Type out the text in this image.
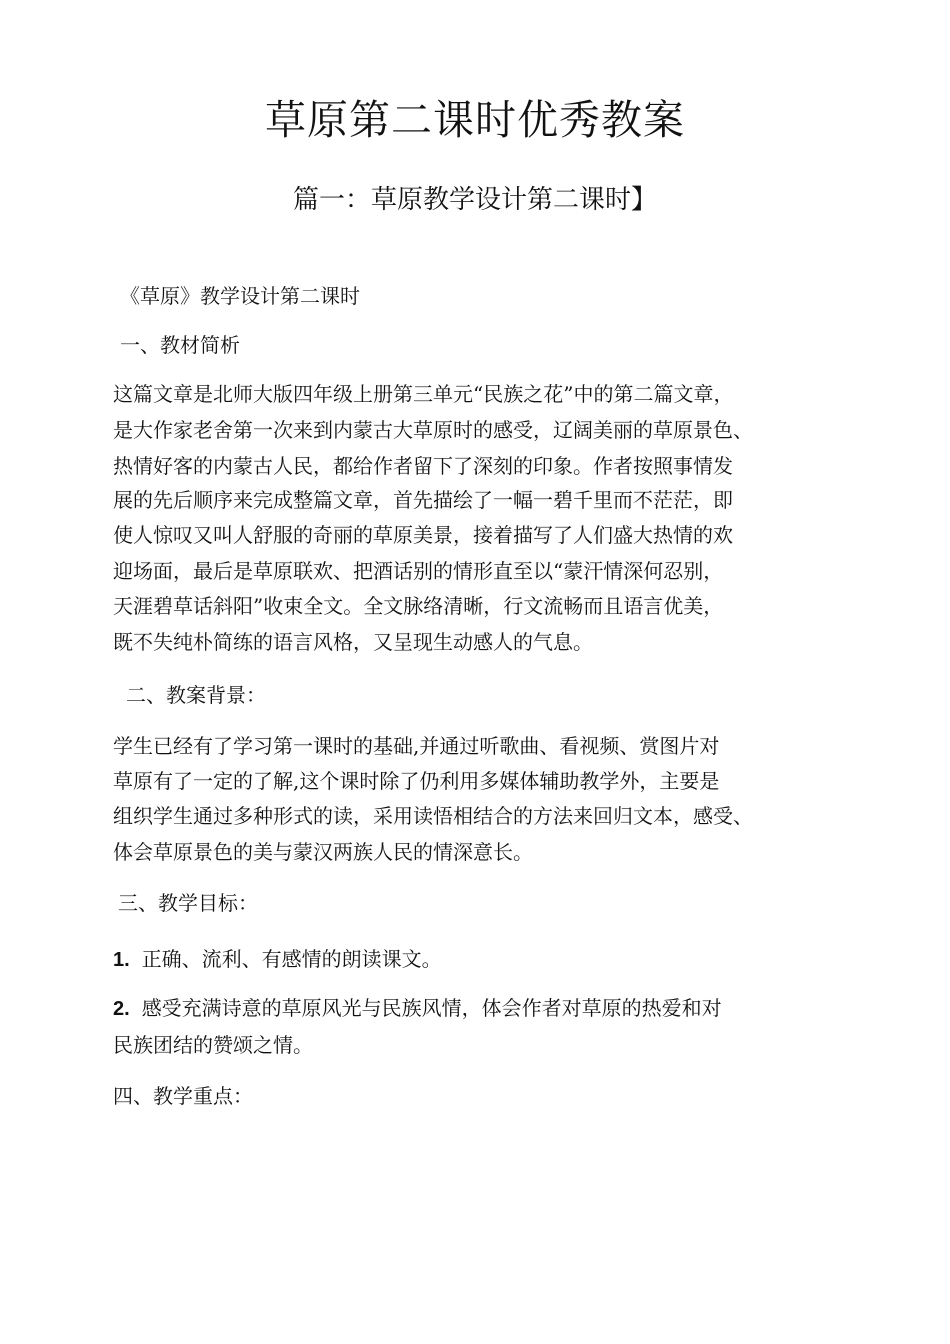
草原第二课时优秀教案
篇一：草原教学设计第二课时】
《草原》教学设计第二课时
一、教材简析
这篇文章是北师大版四年级上册第三单元“民族之花”中的第二篇文章，
是大作家老舍第一次来到内蒙古大草原时的感受，辽阔美丽的草原景色、
热情好客的内蒙古人民，都给作者留下了深刻的印象。作者按照事情发
展的先后顺序来完成整篇文章，首先描绘了一幅一碧千里而不茫茫，即
使人惊叹又叫人舒服的奇丽的草原美景，接着描写了人们盛大热情的欢
迎场面，最后是草原联欢、把酒话别的情形直至以“蒙汗情深何忍别，
天涯碧草话斜阳”收束全文。全文脉络清晰，行文流畅而且语言优美，
既不失纯朴简练的语言风格，又呈现生动感人的气息。
二、教案背景：
学生已经有了学习第一课时的基础,并通过听歌曲、看视频、赏图片对
草原有了一定的了解,这个课时除了仍利用多媒体辅助教学外，主要是
组织学生通过多种形式的读，采用读悟相结合的方法来回归文本，感受、
体会草原景色的美与蒙汉两族人民的情深意长。
三、教学目标：
1. 正确、流利、有感情的朗读课文。
2. 感受充满诗意的草原风光与民族风情，体会作者对草原的热爱和对
民族团结的赞颂之情。
四、教学重点：
